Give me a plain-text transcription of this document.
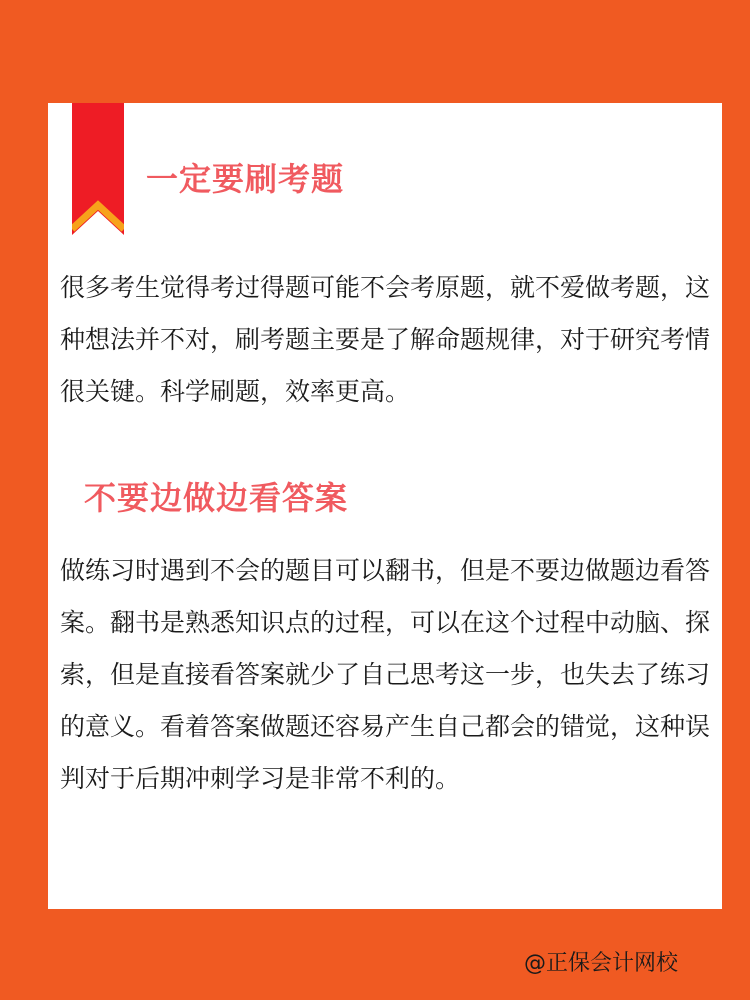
一定要刷考题

很多考生觉得考过得题可能不会考原题，就不爱做考题，这种想法并不对，刷考题主要是了解命题规律，对于研究考情很关键。科学刷题，效率更高。

不要边做边看答案

做练习时遇到不会的题目可以翻书，但是不要边做题边看答案。翻书是熟悉知识点的过程，可以在这个过程中动脑、探索，但是直接看答案就少了自己思考这一步，也失去了练习的意义。看着答案做题还容易产生自己都会的错觉，这种误判对于后期冲刺学习是非常不利的。

@正保会计网校
